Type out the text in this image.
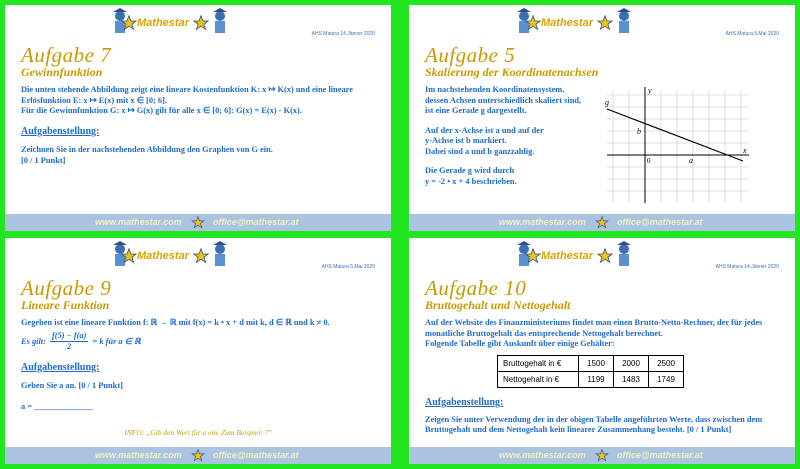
Mathestar
AHS Matura 14.Jänner 2020
Aufgabe 7
Gewinnfunktion

Die unten stehende Abbildung zeigt eine lineare Kostenfunktion K: x ↦ K(x) und eine lineare

Erlösfunktion E: x ↦ E(x) mit x ∈ [0; 6].

Für die Gewinnfunktion G: x ↦ G(x) gilt für alle x ∈ [0; 6]: G(x) = E(x) - K(x).

Aufgabenstellung:

Zeichnen Sie in der nachstehenden Abbildung den Graphen von G ein.

[0 / 1 Punkt]

www.mathestar.com	office@mathestar.at
Mathestar
AHS Matura 5.Mai 2020
Aufgabe 5
Skalierung der Koordinatenachsen

Im nachstehenden Koordinatensystem,

dessen Achsen unterschiedlich skaliert sind,

ist eine Gerade g dargestellt.

Auf der x-Achse ist a und auf der

y-Achse ist b markiert.

Dabei sind a und b ganzzahlig.

Die Gerade g wird durch

y = -2 • x + 4 beschrieben.

g
y
x
b
0	a
www.mathestar.com	office@mathestar.at
Mathestar
AHS Matura 5.Mai 2020
Aufgabe 9
Lineare Funktion

Gegeben ist eine lineare Funktion f: ℝ → ℝ mit f(x) = k • x + d mit k, d ∈ ℝ und k ≠ 0.

Es gilt: $\frac{f(5) - f(a)}{2} = k$ für a ∈ ℝ

Aufgabenstellung:

Geben Sie a an. [0 / 1 Punkt]

a = ______________

INFO: „Gib den Wert für a ein. Zum Beispiel: 7"
www.mathestar.com	office@mathestar.at
Mathestar
AHS Matura 14.Jänner 2020
Aufgabe 10
Bruttogehalt und Nettogehalt

Auf der Website des Finanzministeriums findet man einen Brutto-Netto-Rechner, der für jedes

monatliche Bruttogehalt das entsprechende Nettogehalt berechnet.

Folgende Tabelle gibt Auskunft über einige Gehälter:

Bruttogehalt in €	1500	2000	2500
Nettogehalt in €	1199	1483	1749

Aufgabenstellung:

Zeigen Sie unter Verwendung der in der obigen Tabelle angeführten Werte, dass zwischen dem

Bruttogehalt und dem Nettogehalt kein linearer Zusammenhang besteht. [0 / 1 Punkt]

www.mathestar.com	office@mathestar.at
